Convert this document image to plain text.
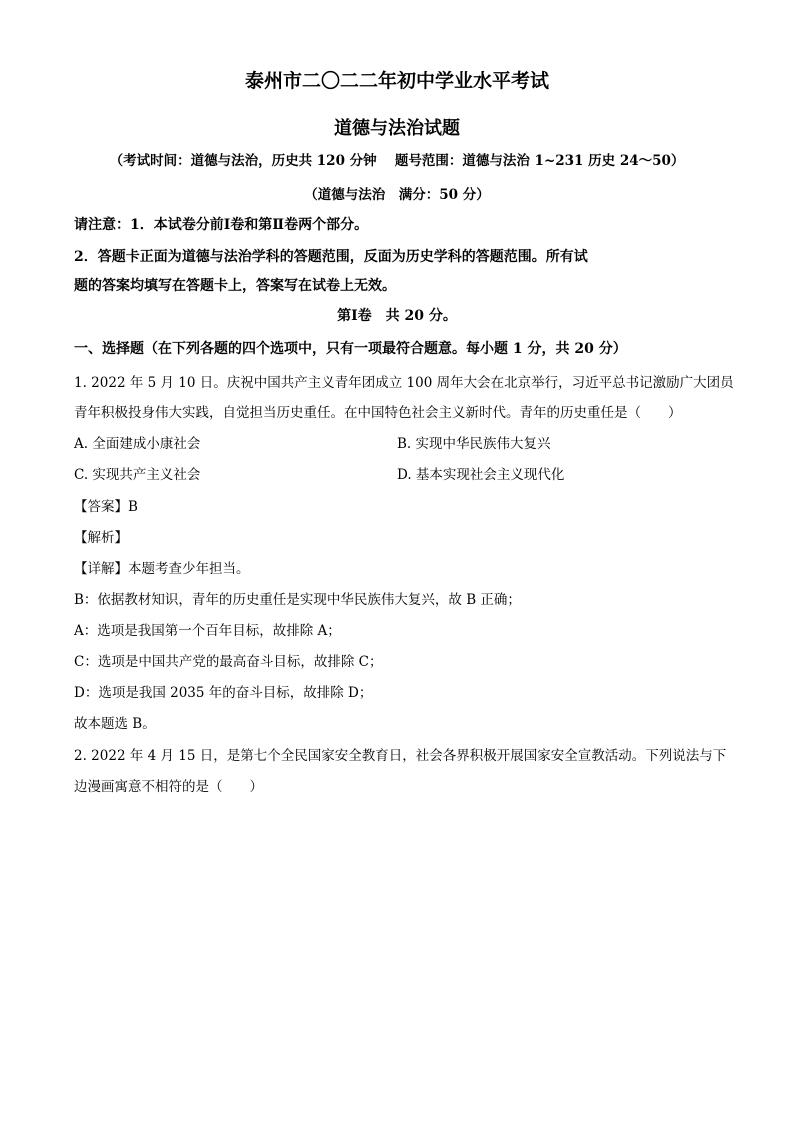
泰州市二〇二二年初中学业水平考试
道德与法治试题
（考试时间：道德与法治，历史共 120 分钟　 题号范围：道德与法治 1~231 历史 24～50）
（道德与法治　满分：50 分）
请注意：1．本试卷分前Ⅰ卷和第Ⅱ卷两个部分。
2．答题卡正面为道德与法治学科的答题范围，反面为历史学科的答题范围。所有试
题的答案均填写在答题卡上，答案写在试卷上无效。
第Ⅰ卷　共 20 分。
一、选择题（在下列各题的四个选项中，只有一项最符合题意。每小题 1 分，共 20 分）
1. 2022 年 5 月 10 日。庆祝中国共产主义青年团成立 100 周年大会在北京举行，习近平总书记激励广大团员
青年积极投身伟大实践，自觉担当历史重任。在中国特色社会主义新时代。青年的历史重任是（　　）
A. 全面建成小康社会	B. 实现中华民族伟大复兴
C. 实现共产主义社会	D. 基本实现社会主义现代化
【答案】B
【解析】
【详解】本题考查少年担当。
B：依据教材知识，青年的历史重任是实现中华民族伟大复兴，故 B 正确；
A：选项是我国第一个百年目标，故排除 A；
C：选项是中国共产党的最高奋斗目标，故排除 C；
D：选项是我国 2035 年的奋斗目标，故排除 D；
故本题选 B。
2. 2022 年 4 月 15 日，是第七个全民国家安全教育日，社会各界积极开展国家安全宣教活动。下列说法与下
边漫画寓意不相符的是（　　）
